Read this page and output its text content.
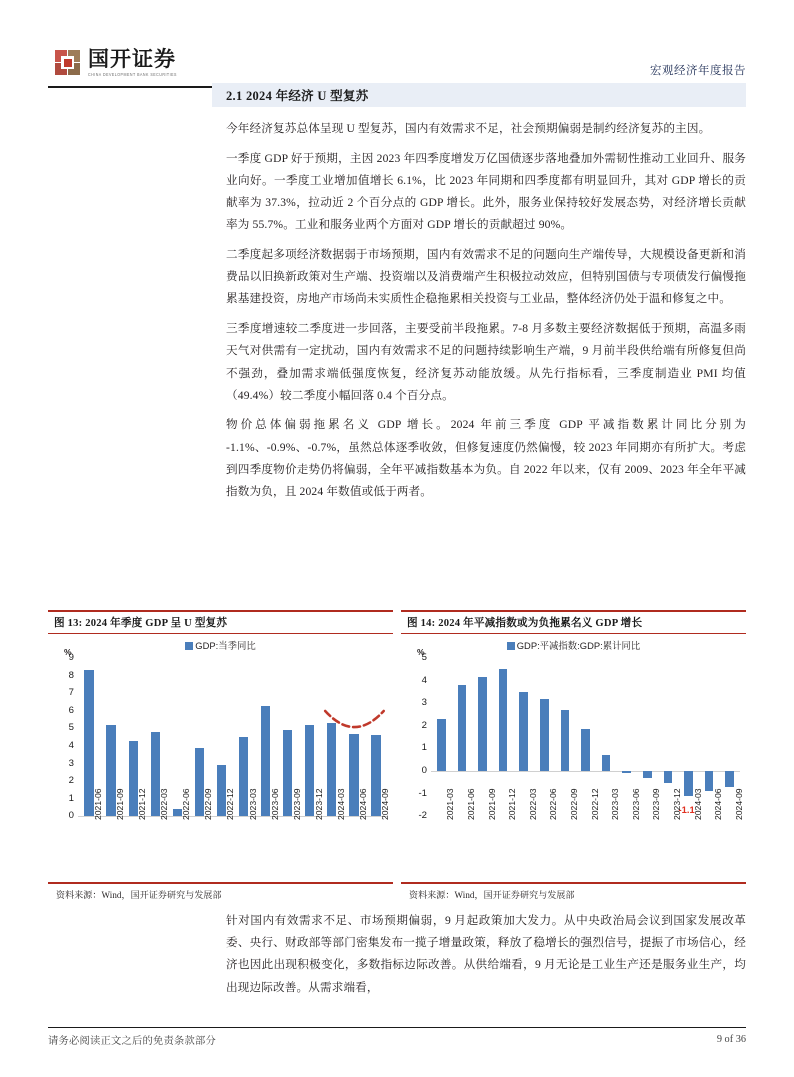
国开证券
CHINA DEVELOPMENT BANK SECURITIES	宏观经济年度报告
2.1 2024 年经济 U 型复苏

今年经济复苏总体呈现 U 型复苏，国内有效需求不足，社会预期偏弱是制约经济复苏的主因。

一季度 GDP 好于预期，主因 2023 年四季度增发万亿国债逐步落地叠加外需韧性推动工业回升、服务业向好。一季度工业增加值增长 6.1%，比 2023 年同期和四季度都有明显回升，其对 GDP 增长的贡献率为 37.3%，拉动近 2 个百分点的 GDP 增长。此外，服务业保持较好发展态势，对经济增长贡献率为 55.7%。工业和服务业两个方面对 GDP 增长的贡献超过 90%。

二季度起多项经济数据弱于市场预期，国内有效需求不足的问题向生产端传导，大规模设备更新和消费品以旧换新政策对生产端、投资端以及消费端产生积极拉动效应，但特别国债与专项债发行偏慢拖累基建投资，房地产市场尚未实质性企稳拖累相关投资与工业品，整体经济仍处于温和修复之中。

三季度增速较二季度进一步回落，主要受前半段拖累。7-8 月多数主要经济数据低于预期，高温多雨天气对供需有一定扰动，国内有效需求不足的问题持续影响生产端，9 月前半段供给端有所修复但尚不强劲，叠加需求端低强度恢复，经济复苏动能放缓。从先行指标看，三季度制造业 PMI 均值（49.4%）较二季度小幅回落 0.4 个百分点。

物价总体偏弱拖累名义 GDP 增长。2024 年前三季度 GDP 平减指数累计同比分别为 -1.1%、-0.9%、-0.7%，虽然总体逐季收敛，但修复速度仍然偏慢，较 2023 年同期亦有所扩大。考虑到四季度物价走势仍将偏弱，全年平减指数基本为负。自 2022 年以来，仅有 2009、2023 年全年平减指数为负，且 2024 年数值或低于两者。

图 13: 2024 年季度 GDP 呈 U 型复苏
GDP:当季同比
0
1
2
3
4
5
6
7
8
9
%
2021-06 2021-09 2021-12 2022-03 2022-06 2022-09 2022-12 2023-03 2023-06 2023-09 2023-12 2024-03 2024-06 2024-09
资料来源：Wind，国开证券研究与发展部
图 14: 2024 年平减指数或为负拖累名义 GDP 增长
GDP:平减指数:GDP:累计同比
-2
-1
0
1
2
3
4
5
%
2021-03 2021-06 2021-09 2021-12 2022-03 2022-06 2022-09 2022-12 2023-03 2023-06 2023-09 2023-12 2024-03 2024-06 2024-09
-1.1
资料来源：Wind，国开证券研究与发展部

针对国内有效需求不足、市场预期偏弱，9 月起政策加大发力。从中央政治局会议到国家发展改革委、央行、财政部等部门密集发布一揽子增量政策，释放了稳增长的强烈信号，提振了市场信心，经济也因此出现积极变化，多数指标边际改善。从供给端看，9 月无论是工业生产还是服务业生产，均出现边际改善。从需求端看，

请务必阅读正文之后的免责条款部分	9 of 36
